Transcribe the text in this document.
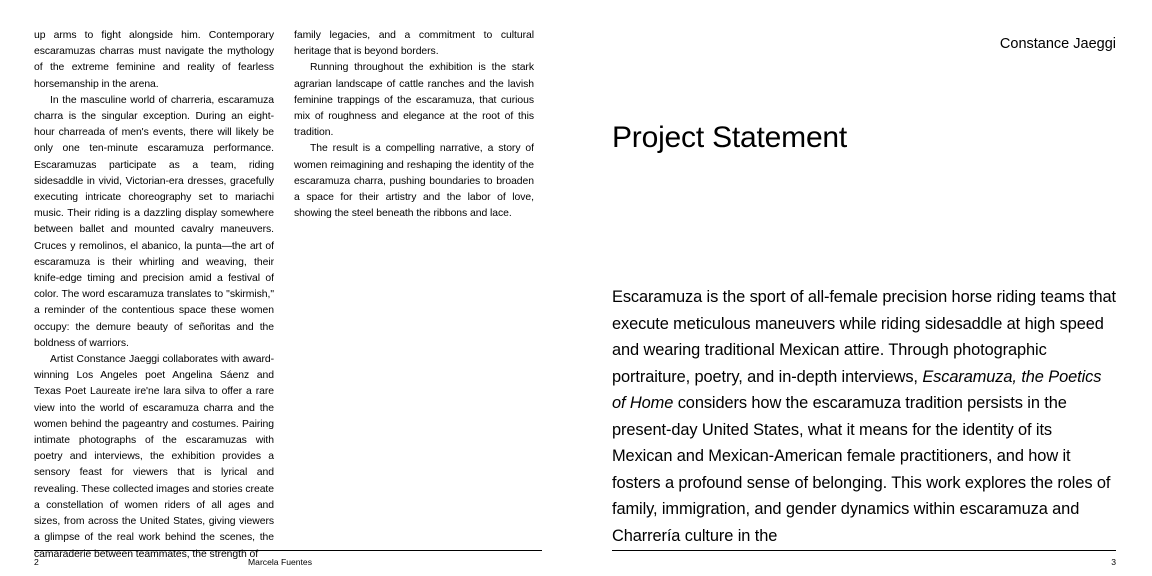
up arms to fight alongside him. Contemporary escaramuzas charras must navigate the mythology of the extreme feminine and reality of fearless horsemanship in the arena.

In the masculine world of charreria, escaramuza charra is the singular exception. During an eight-hour charreada of men's events, there will likely be only one ten-minute escaramuza performance. Escaramuzas participate as a team, riding sidesaddle in vivid, Victorian-era dresses, gracefully executing intricate choreography set to mariachi music. Their riding is a dazzling display somewhere between ballet and mounted cavalry maneuvers. Cruces y remolinos, el abanico, la punta—the art of escaramuza is their whirling and weaving, their knife-edge timing and precision amid a festival of color. The word escaramuza translates to "skirmish," a reminder of the contentious space these women occupy: the demure beauty of señoritas and the boldness of warriors.

Artist Constance Jaeggi collaborates with award-winning Los Angeles poet Angelina Sáenz and Texas Poet Laureate ire'ne lara silva to offer a rare view into the world of escaramuza charra and the women behind the pageantry and costumes. Pairing intimate photographs of the escaramuzas with poetry and interviews, the exhibition provides a sensory feast for viewers that is lyrical and revealing. These collected images and stories create a constellation of women riders of all ages and sizes, from across the United States, giving viewers a glimpse of the real work behind the scenes, the camaraderie between teammates, the strength of

family legacies, and a commitment to cultural heritage that is beyond borders.

Running throughout the exhibition is the stark agrarian landscape of cattle ranches and the lavish feminine trappings of the escaramuza, that curious mix of roughness and elegance at the root of this tradition.

The result is a compelling narrative, a story of women reimagining and reshaping the identity of the escaramuza charra, pushing boundaries to broaden a space for their artistry and the labor of love, showing the steel beneath the ribbons and lace.

2	Marcela Fuentes
Constance Jaeggi
Project Statement
Escaramuza is the sport of all-female precision horse riding teams that execute meticulous maneuvers while riding sidesaddle at high speed and wearing traditional Mexican attire. Through photographic portraiture, poetry, and in-depth interviews, Escaramuza, the Poetics of Home considers how the escaramuza tradition persists in the present-day United States, what it means for the identity of its Mexican and Mexican-American female practitioners, and how it fosters a profound sense of belonging. This work explores the roles of family, immigration, and gender dynamics within escaramuza and Charrería culture in the
3
